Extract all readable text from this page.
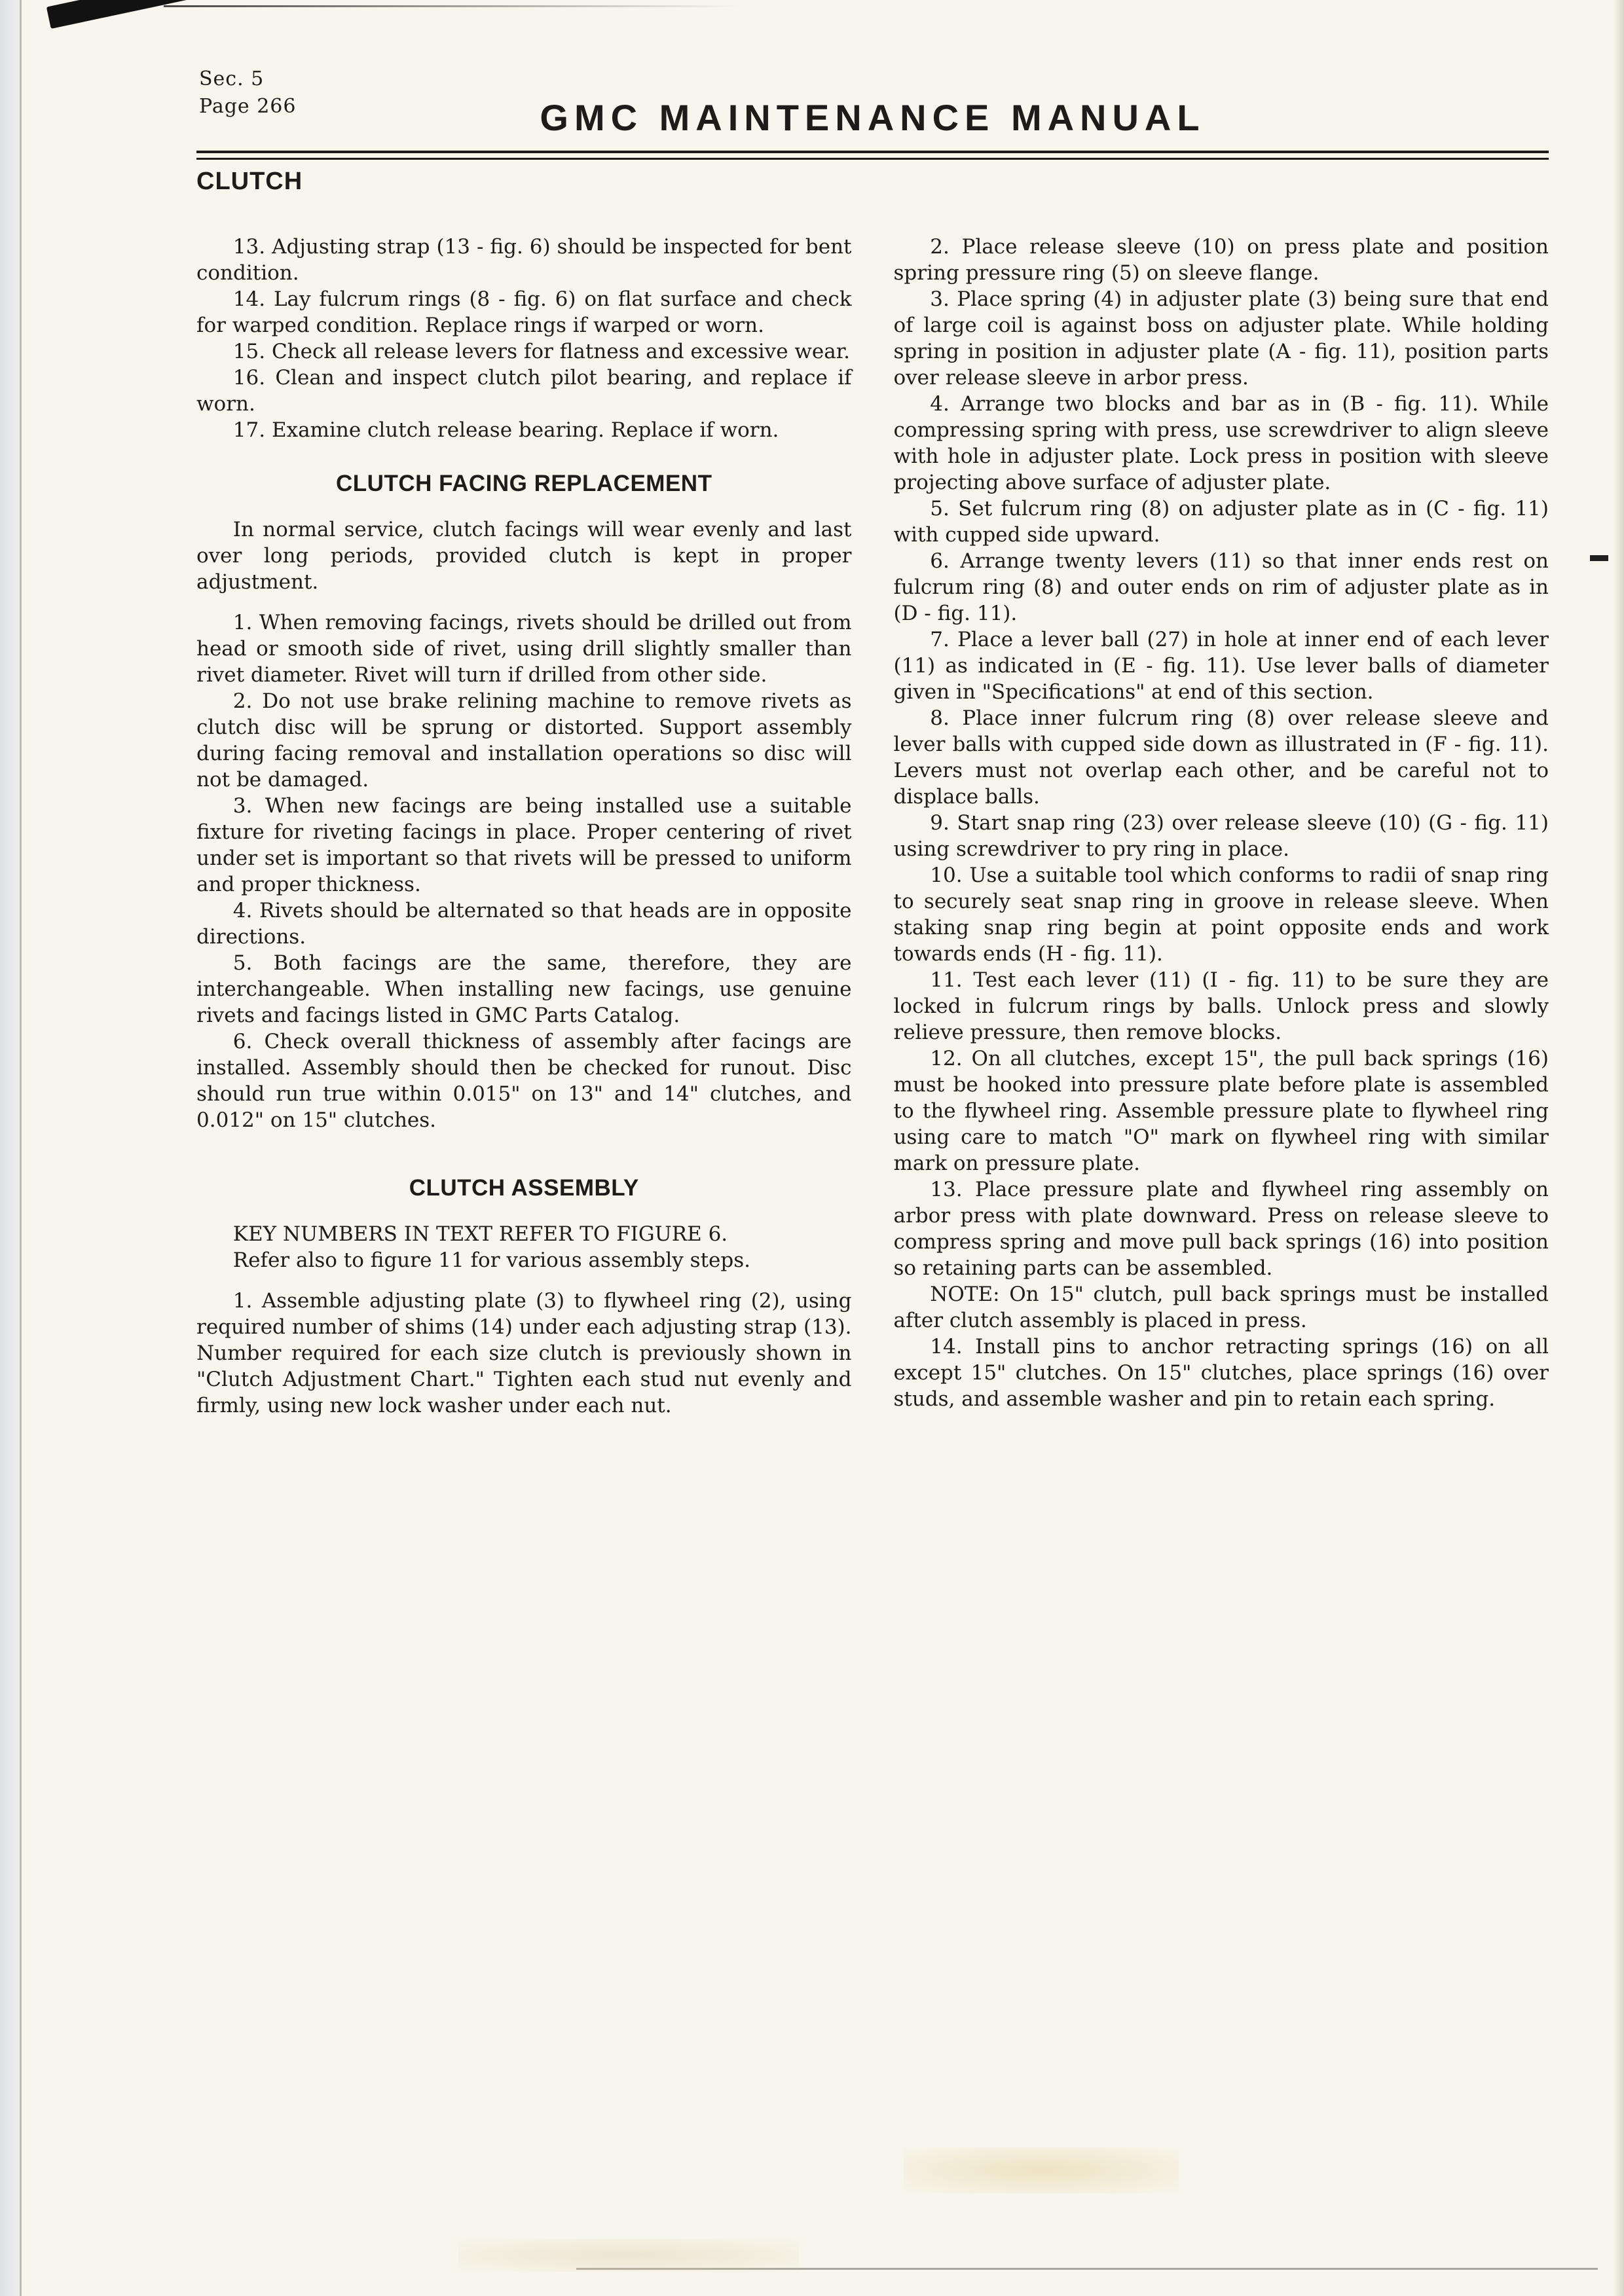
Sec. 5
Page 266	GMC MAINTENANCE MANUAL
CLUTCH

13. Adjusting strap (13 - fig. 6) should be inspected for bent condition.

14. Lay fulcrum rings (8 - fig. 6) on flat surface and check for warped condition. Replace rings if warped or worn.

15. Check all release levers for flatness and excessive wear.

16. Clean and inspect clutch pilot bearing, and replace if worn.

17. Examine clutch release bearing. Replace if worn.

CLUTCH FACING REPLACEMENT

In normal service, clutch facings will wear evenly and last over long periods, provided clutch is kept in proper adjustment.

1. When removing facings, rivets should be drilled out from head or smooth side of rivet, using drill slightly smaller than rivet diameter. Rivet will turn if drilled from other side.

2. Do not use brake relining machine to remove rivets as clutch disc will be sprung or distorted. Support assembly during facing removal and installation operations so disc will not be damaged.

3. When new facings are being installed use a suitable fixture for riveting facings in place. Proper centering of rivet under set is important so that rivets will be pressed to uniform and proper thickness.

4. Rivets should be alternated so that heads are in opposite directions.

5. Both facings are the same, therefore, they are interchangeable. When installing new facings, use genuine rivets and facings listed in GMC Parts Catalog.

6. Check overall thickness of assembly after facings are installed. Assembly should then be checked for runout. Disc should run true within 0.015" on 13" and 14" clutches, and 0.012" on 15" clutches.

CLUTCH ASSEMBLY

KEY NUMBERS IN TEXT REFER TO FIGURE 6.

Refer also to figure 11 for various assembly steps.

1. Assemble adjusting plate (3) to flywheel ring (2), using required number of shims (14) under each adjusting strap (13). Number required for each size clutch is previously shown in "Clutch Adjustment Chart." Tighten each stud nut evenly and firmly, using new lock washer under each nut.

2. Place release sleeve (10) on press plate and position spring pressure ring (5) on sleeve flange.

3. Place spring (4) in adjuster plate (3) being sure that end of large coil is against boss on adjuster plate. While holding spring in position in adjuster plate (A - fig. 11), position parts over release sleeve in arbor press.

4. Arrange two blocks and bar as in (B - fig. 11). While compressing spring with press, use screwdriver to align sleeve with hole in adjuster plate. Lock press in position with sleeve projecting above surface of adjuster plate.

5. Set fulcrum ring (8) on adjuster plate as in (C - fig. 11) with cupped side upward.

6. Arrange twenty levers (11) so that inner ends rest on fulcrum ring (8) and outer ends on rim of adjuster plate as in (D - fig. 11).

7. Place a lever ball (27) in hole at inner end of each lever (11) as indicated in (E - fig. 11). Use lever balls of diameter given in "Specifications" at end of this section.

8. Place inner fulcrum ring (8) over release sleeve and lever balls with cupped side down as illustrated in (F - fig. 11). Levers must not overlap each other, and be careful not to displace balls.

9. Start snap ring (23) over release sleeve (10) (G - fig. 11) using screwdriver to pry ring in place.

10. Use a suitable tool which conforms to radii of snap ring to securely seat snap ring in groove in release sleeve. When staking snap ring begin at point opposite ends and work towards ends (H - fig. 11).

11. Test each lever (11) (I - fig. 11) to be sure they are locked in fulcrum rings by balls. Unlock press and slowly relieve pressure, then remove blocks.

12. On all clutches, except 15", the pull back springs (16) must be hooked into pressure plate before plate is assembled to the flywheel ring. Assemble pressure plate to flywheel ring using care to match "O" mark on flywheel ring with similar mark on pressure plate.

13. Place pressure plate and flywheel ring assembly on arbor press with plate downward. Press on release sleeve to compress spring and move pull back springs (16) into position so retaining parts can be assembled.

NOTE: On 15" clutch, pull back springs must be installed after clutch assembly is placed in press.

14. Install pins to anchor retracting springs (16) on all except 15" clutches. On 15" clutches, place springs (16) over studs, and assemble washer and pin to retain each spring.
